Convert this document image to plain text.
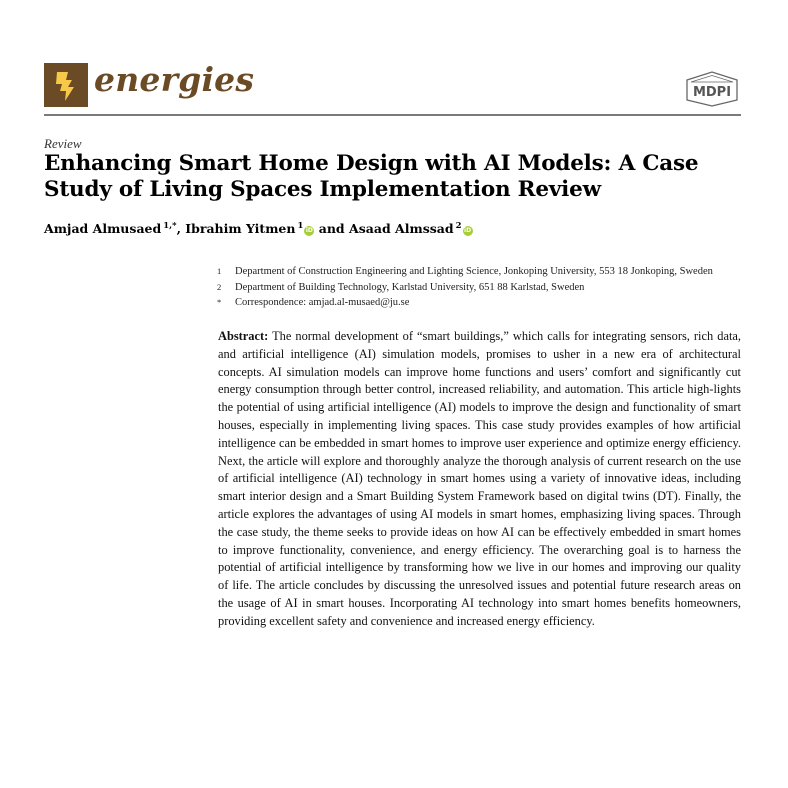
energies	MDPI
Review
Enhancing Smart Home Design with AI Models: A Case Study of Living Spaces Implementation Review
Amjad Almusaed $^{1,*}$, Ibrahim Yitmen $^1$ iD and Asaad Almssad $^2$ iD
1	Department of Construction Engineering and Lighting Science, Jonkoping University, 553 18 Jonkoping, Sweden
2	Department of Building Technology, Karlstad University, 651 88 Karlstad, Sweden
*	Correspondence: amjad.al-musaed@ju.se
Abstract: The normal development of “smart buildings,” which calls for integrating sensors, rich data, and artificial intelligence (AI) simulation models, promises to usher in a new era of architectural concepts. AI simulation models can improve home functions and users’ comfort and significantly cut energy consumption through better control, increased reliability, and automation. This article high-lights the potential of using artificial intelligence (AI) models to improve the design and functionality of smart houses, especially in implementing living spaces. This case study provides examples of how artificial intelligence can be embedded in smart homes to improve user experience and optimize energy efficiency. Next, the article will explore and thoroughly analyze the thorough analysis of current research on the use of artificial intelligence (AI) technology in smart homes using a variety of innovative ideas, including smart interior design and a Smart Building System Framework based on digital twins (DT). Finally, the article explores the advantages of using AI models in smart homes, emphasizing living spaces. Through the case study, the theme seeks to provide ideas on how AI can be effectively embedded in smart homes to improve functionality, convenience, and energy efficiency. The overarching goal is to harness the potential of artificial intelligence by transforming how we live in our homes and improving our quality of life. The article concludes by discussing the unresolved issues and potential future research areas on the usage of AI in smart houses. Incorporating AI technology into smart homes benefits homeowners, providing excellent safety and convenience and increased energy efficiency.
